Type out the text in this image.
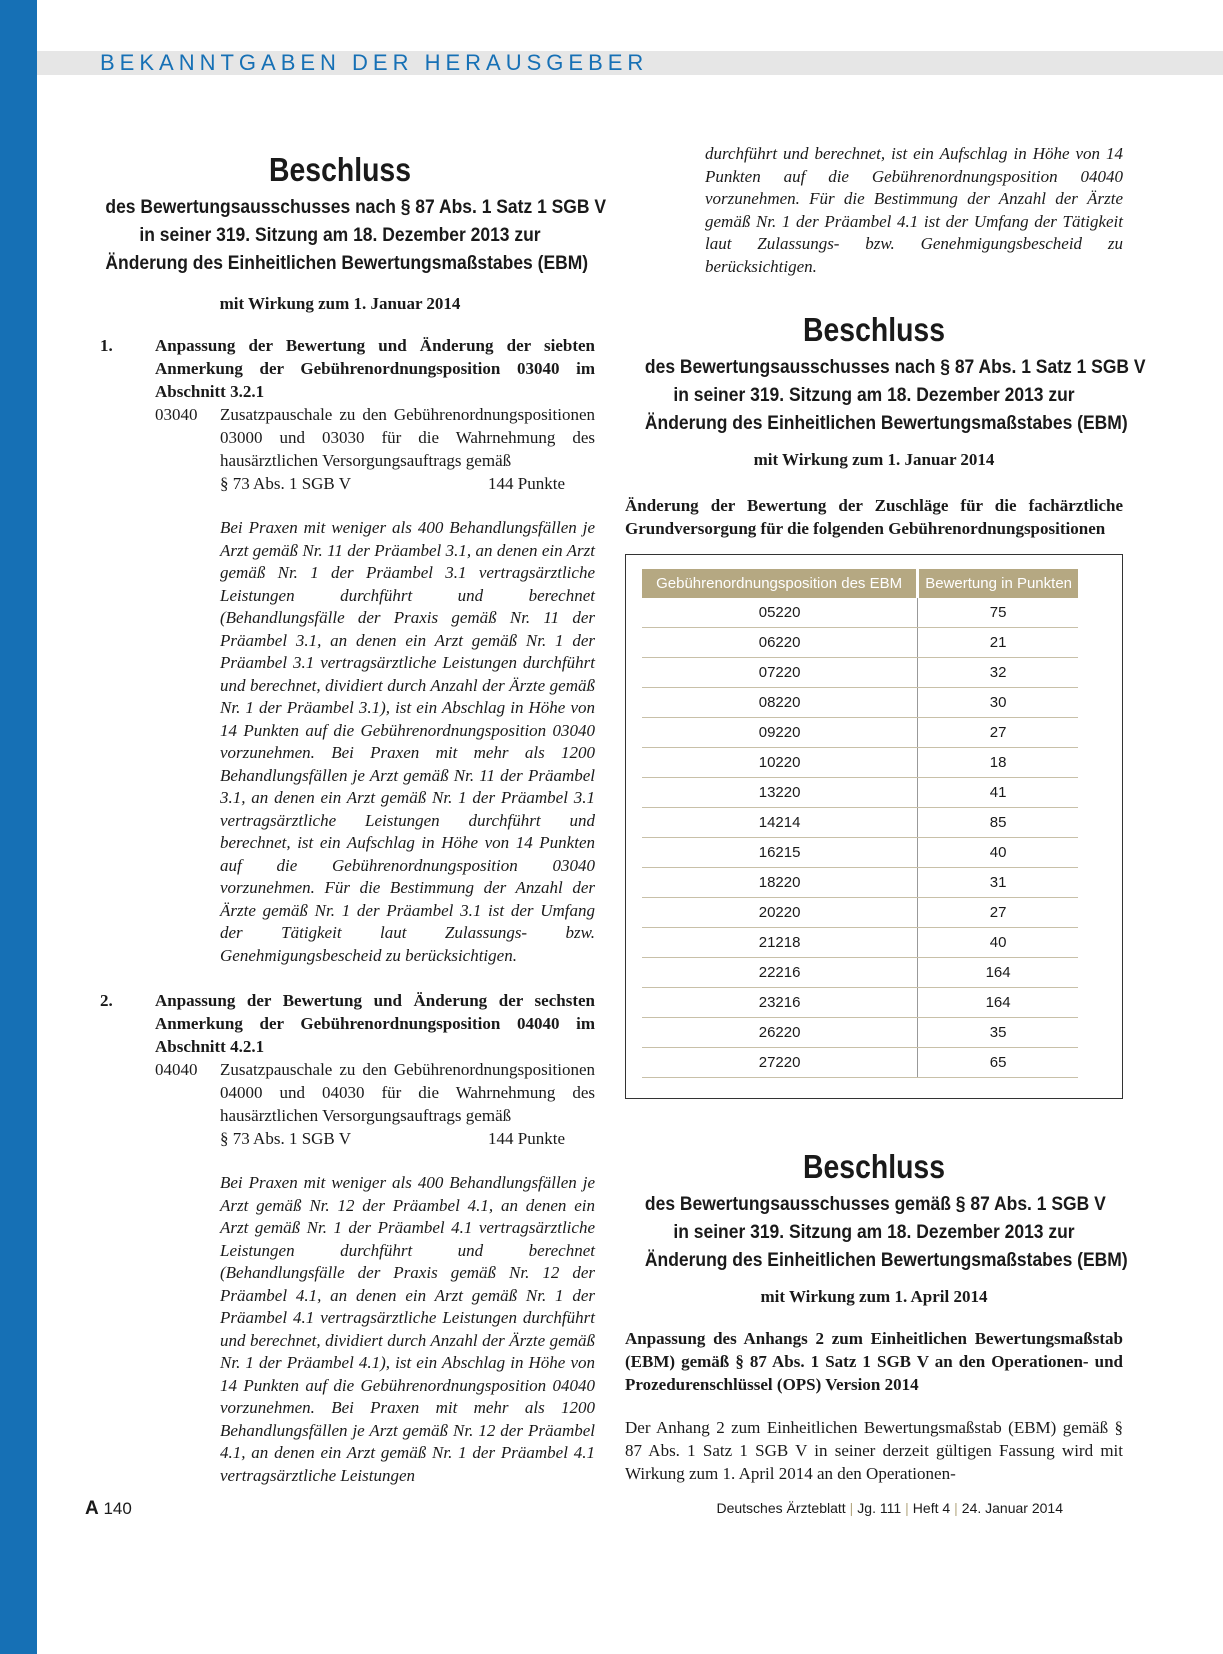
BEKANNTGABEN DER HERAUSGEBER
Beschluss
des Bewertungsausschusses nach § 87 Abs. 1 Satz 1 SGB V
in seiner 319. Sitzung am 18. Dezember 2013 zur
Änderung des Einheitlichen Bewertungsmaßstabes (EBM)

mit Wirkung zum 1. Januar 2014

1. Anpassung der Bewertung und Änderung der siebten Anmerkung der Gebührenordnungsposition 03040 im Abschnitt 3.2.1
03040 Zusatzpauschale zu den Gebührenordnungspositionen 03000 und 03030 für die Wahrnehmung des hausärztlichen Versorgungsauftrags gemäß
§ 73 Abs. 1 SGB V	144 Punkte
Bei Praxen mit weniger als 400 Behandlungsfällen je Arzt gemäß Nr. 11 der Präambel 3.1, an denen ein Arzt gemäß Nr. 1 der Präambel 3.1 vertragsärztliche Leistungen durchführt und berechnet (Behandlungsfälle der Praxis gemäß Nr. 11 der Präambel 3.1, an denen ein Arzt gemäß Nr. 1 der Präambel 3.1 vertragsärztliche Leistungen durchführt und berechnet, dividiert durch Anzahl der Ärzte gemäß Nr. 1 der Präambel 3.1), ist ein Abschlag in Höhe von 14 Punkten auf die Gebührenordnungsposition 03040 vorzunehmen. Bei Praxen mit mehr als 1200 Behandlungsfällen je Arzt gemäß Nr. 11 der Präambel 3.1, an denen ein Arzt gemäß Nr. 1 der Präambel 3.1 vertragsärztliche Leistungen durchführt und berechnet, ist ein Aufschlag in Höhe von 14 Punkten auf die Gebührenordnungsposition 03040 vorzunehmen. Für die Bestimmung der Anzahl der Ärzte gemäß Nr. 1 der Präambel 3.1 ist der Umfang der Tätigkeit laut Zulassungs- bzw. Genehmigungsbescheid zu berücksichtigen.
2. Anpassung der Bewertung und Änderung der sechsten Anmerkung der Gebührenordnungsposition 04040 im Abschnitt 4.2.1
04040 Zusatzpauschale zu den Gebührenordnungspositionen 04000 und 04030 für die Wahrnehmung des hausärztlichen Versorgungsauftrags gemäß
§ 73 Abs. 1 SGB V	144 Punkte
Bei Praxen mit weniger als 400 Behandlungsfällen je Arzt gemäß Nr. 12 der Präambel 4.1, an denen ein Arzt gemäß Nr. 1 der Präambel 4.1 vertragsärztliche Leistungen durchführt und berechnet (Behandlungsfälle der Praxis gemäß Nr. 12 der Präambel 4.1, an denen ein Arzt gemäß Nr. 1 der Präambel 4.1 vertragsärztliche Leistungen durchführt und berechnet, dividiert durch Anzahl der Ärzte gemäß Nr. 1 der Präambel 4.1), ist ein Abschlag in Höhe von 14 Punkten auf die Gebührenordnungsposition 04040 vorzunehmen. Bei Praxen mit mehr als 1200 Behandlungsfällen je Arzt gemäß Nr. 12 der Präambel 4.1, an denen ein Arzt gemäß Nr. 1 der Präambel 4.1 vertragsärztliche Leistungen
durchführt und berechnet, ist ein Aufschlag in Höhe von 14 Punkten auf die Gebührenordnungsposition 04040 vorzunehmen. Für die Bestimmung der Anzahl der Ärzte gemäß Nr. 1 der Präambel 4.1 ist der Umfang der Tätigkeit laut Zulassungs- bzw. Genehmigungsbescheid zu berücksichtigen.
Beschluss
des Bewertungsausschusses nach § 87 Abs. 1 Satz 1 SGB V
in seiner 319. Sitzung am 18. Dezember 2013 zur
Änderung des Einheitlichen Bewertungsmaßstabes (EBM)

mit Wirkung zum 1. Januar 2014

Änderung der Bewertung der Zuschläge für die fachärztliche Grundversorgung für die folgenden Gebührenordnungspositionen
Gebührenordnungsposition des EBM	Bewertung in Punkten
05220	75
06220	21
07220	32
08220	30
09220	27
10220	18
13220	41
14214	85
16215	40
18220	31
20220	27
21218	40
22216	164
23216	164
26220	35
27220	65
Beschluss
des Bewertungsausschusses gemäß § 87 Abs. 1 SGB V
in seiner 319. Sitzung am 18. Dezember 2013 zur
Änderung des Einheitlichen Bewertungsmaßstabes (EBM)

mit Wirkung zum 1. April 2014

Anpassung des Anhangs 2 zum Einheitlichen Bewertungsmaßstab (EBM) gemäß § 87 Abs. 1 Satz 1 SGB V an den Operationen- und Prozedurenschlüssel (OPS) Version 2014
Der Anhang 2 zum Einheitlichen Bewertungsmaßstab (EBM) gemäß § 87 Abs. 1 Satz 1 SGB V in seiner derzeit gültigen Fassung wird mit Wirkung zum 1. April 2014 an den Operationen-
A 140	Deutsches Ärzteblatt | Jg. 111 | Heft 4 | 24. Januar 2014
